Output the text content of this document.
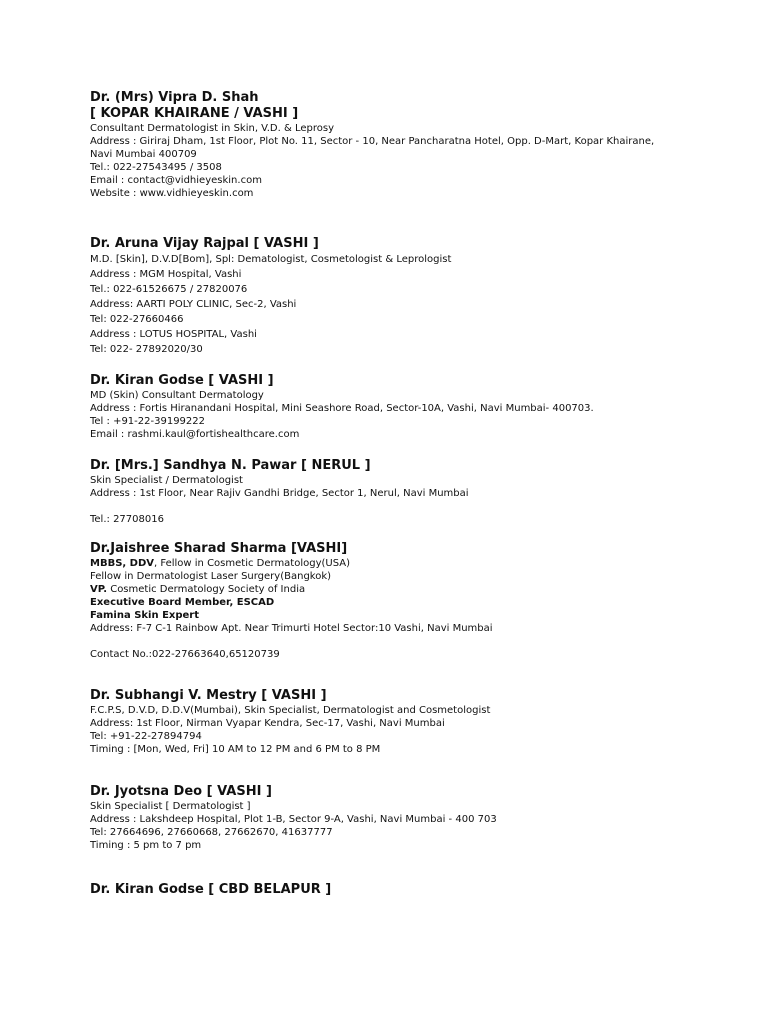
Dr. (Mrs) Vipra D. Shah
[ KOPAR KHAIRANE / VASHI ]
Consultant Dermatologist in Skin, V.D. & Leprosy
Address : Giriraj Dham, 1st Floor, Plot No. 11, Sector - 10, Near Pancharatna Hotel, Opp. D-Mart, Kopar Khairane,
Navi Mumbai 400709
Tel.: 022-27543495 / 3508
Email : contact@vidhieyeskin.com
Website : www.vidhieyeskin.com
Dr. Aruna Vijay Rajpal [ VASHI ]
M.D. [Skin], D.V.D[Bom], Spl: Dematologist, Cosmetologist & Leprologist
Address : MGM Hospital, Vashi
Tel.: 022-61526675 / 27820076
Address: AARTI POLY CLINIC, Sec-2, Vashi
Tel: 022-27660466
Address : LOTUS HOSPITAL, Vashi
Tel: 022- 27892020/30
Dr. Kiran Godse [ VASHI ]
MD (Skin) Consultant Dermatology
Address : Fortis Hiranandani Hospital, Mini Seashore Road, Sector-10A, Vashi, Navi Mumbai- 400703.
Tel : +91-22-39199222
Email : rashmi.kaul@fortishealthcare.com
Dr. [Mrs.] Sandhya N. Pawar [ NERUL ]
Skin Specialist / Dermatologist
Address : 1st Floor, Near Rajiv Gandhi Bridge, Sector 1, Nerul, Navi Mumbai
Tel.: 27708016
Dr.Jaishree Sharad Sharma [VASHI]
MBBS, DDV, Fellow in Cosmetic Dermatology(USA)
Fellow in Dermatologist Laser Surgery(Bangkok)
VP. Cosmetic Dermatology Society of India
Executive Board Member, ESCAD
Famina Skin Expert
Address: F-7 C-1 Rainbow Apt. Near Trimurti Hotel Sector:10 Vashi, Navi Mumbai
Contact No.:022-27663640,65120739
Dr. Subhangi V. Mestry [ VASHI ]
F.C.P.S, D.V.D, D.D.V(Mumbai), Skin Specialist, Dermatologist and Cosmetologist
Address: 1st Floor, Nirman Vyapar Kendra, Sec-17, Vashi, Navi Mumbai
Tel: +91-22-27894794
Timing : [Mon, Wed, Fri] 10 AM to 12 PM and 6 PM to 8 PM
Dr. Jyotsna Deo [ VASHI ]
Skin Specialist [ Dermatologist ]
Address : Lakshdeep Hospital, Plot 1-B, Sector 9-A, Vashi, Navi Mumbai - 400 703
Tel: 27664696, 27660668, 27662670, 41637777
Timing : 5 pm to 7 pm
Dr. Kiran Godse [ CBD BELAPUR ]
